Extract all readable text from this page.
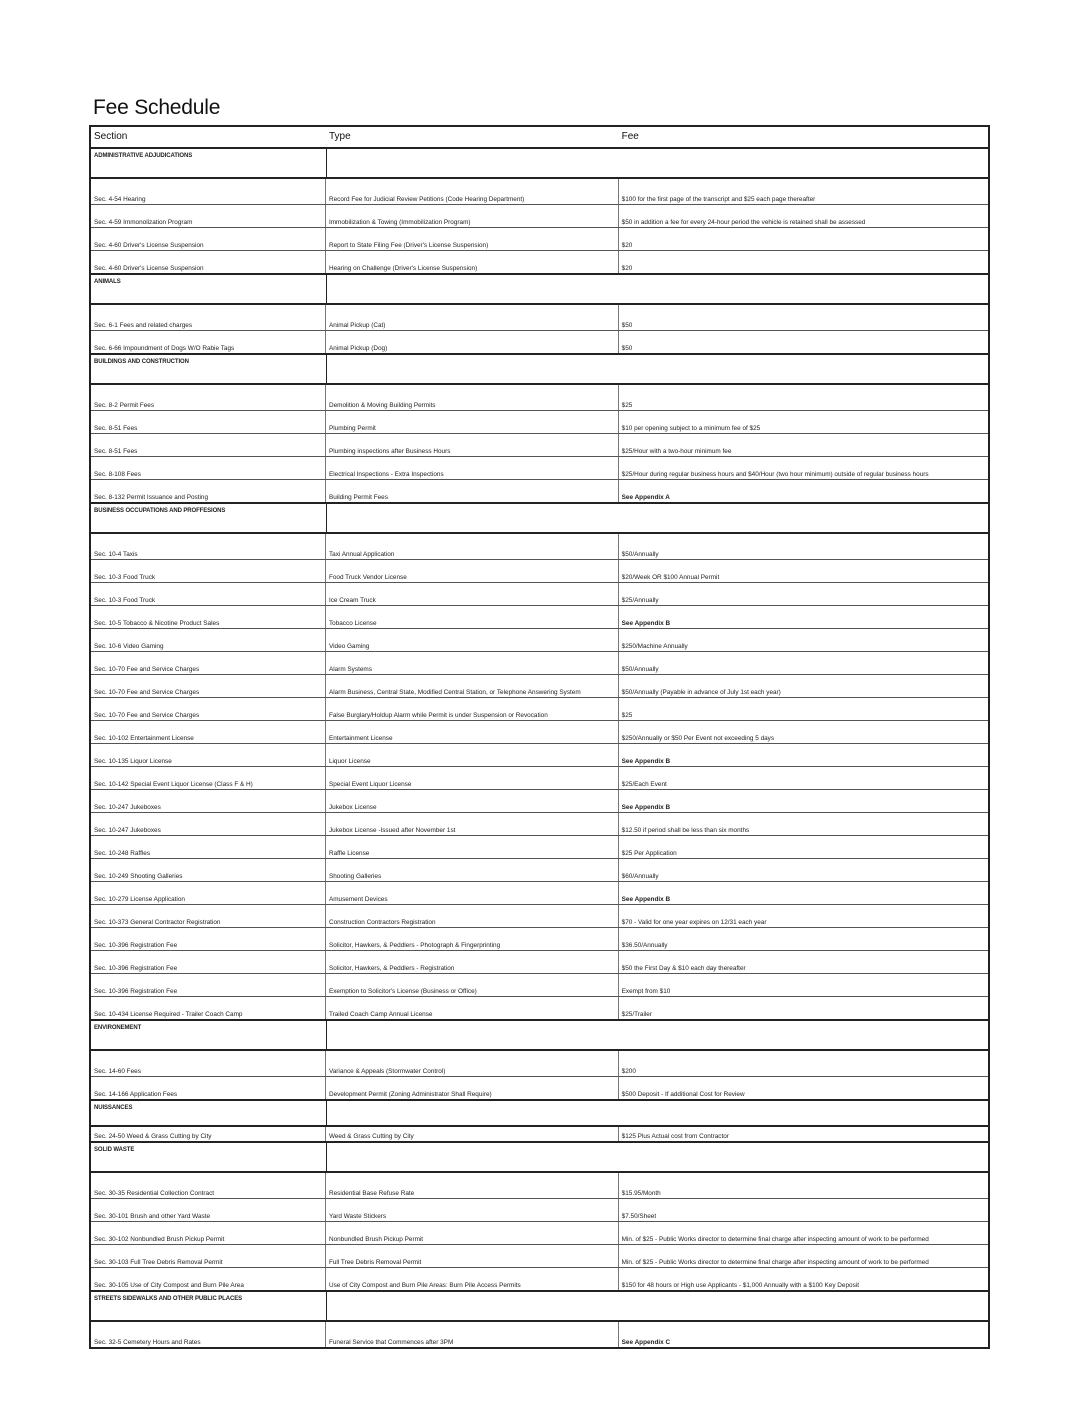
Fee Schedule
Section	Type	Fee
ADMINISTRATIVE ADJUDICATIONS
Sec. 4-54 Hearing	Record Fee for Judicial Review Petitions (Code Hearing Department)	$100 for the first page of the transcript and $25 each page thereafter
Sec. 4-59 Immonolization Program	Immobilization & Towing (Immobilization Program)	$50 in addition a fee for every 24-hour period the vehicle is retained shall be assessed
Sec. 4-60 Driver's License Suspension	Report to State Filing Fee (Driver's License Suspension)	$20
Sec. 4-60 Driver's License Suspension	Hearing on Challenge (Driver's License Suspension)	$20
ANIMALS
Sec. 6-1 Fees and related charges	Animal Pickup (Cat)	$50
Sec. 6-66 Impoundment of Dogs W/O Rabie Tags	Animal Pickup (Dog)	$50
BUILDINGS AND CONSTRUCTION
Sec. 8-2 Permit Fees	Demolition & Moving Building Permits	$25
Sec. 8-51 Fees	Plumbing Permit	$10 per opening subject to a minimum fee of $25
Sec. 8-51 Fees	Plumbing inspections after Business Hours	$25/Hour with a two-hour minimum fee
Sec. 8-108 Fees	Electrical Inspections - Extra Inspections	$25/Hour during regular business hours and $40/Hour (two hour minimum) outside of regular business hours
Sec. 8-132 Permit Issuance and Posting	Building Permit Fees	See Appendix A
BUSINESS OCCUPATIONS AND PROFFESIONS
Sec. 10-4 Taxis	Taxi Annual Application	$50/Annually
Sec. 10-3 Food Truck	Food Truck Vendor License	$20/Week OR $100 Annual Permit
Sec. 10-3 Food Truck	Ice Cream Truck	$25/Annually
Sec. 10-5 Tobacco & Nicotine Product Sales	Tobacco License	See Appendix B
Sec. 10-6 Video Gaming	Video Gaming	$250/Machine Annually
Sec. 10-70 Fee and Service Charges	Alarm Systems	$50/Annually
Sec. 10-70 Fee and Service Charges	Alarm Business, Central State, Modified Central Station, or Telephone Answering System	$50/Annually (Payable in advance of July 1st each year)
Sec. 10-70 Fee and Service Charges	False Burglary/Holdup Alarm while Permit is under Suspension or Revocation	$25
Sec. 10-102 Entertainment License	Entertainment License	$250/Annually or $50 Per Event not exceeding 5 days
Sec. 10-135 Liquor License	Liquor License	See Appendix B
Sec. 10-142 Special Event Liquor License (Class F & H)	Special Event Liquor License	$25/Each Event
Sec. 10-247 Jukeboxes	Jukebox License	See Appendix B
Sec. 10-247 Jukeboxes	Jukebox License -Issued after November 1st	$12.50 if period shall be less than six months
Sec. 10-248 Raffles	Raffle License	$25 Per Application
Sec. 10-249 Shooting Galleries	Shooting Galleries	$60/Annually
Sec. 10-279 License Application	Amusement Devices	See Appendix B
Sec. 10-373 General Contractor Registration	Construction Contractors Registration	$70 - Valid for one year expires on 12/31 each year
Sec. 10-396 Registration Fee	Solicitor, Hawkers, & Peddlers - Photograph & Fingerprinting	$36.50/Annually
Sec. 10-396 Registration Fee	Solicitor, Hawkers, & Peddlers - Registration	$50 the First Day & $10 each day thereafter
Sec. 10-396 Registration Fee	Exemption to Solicitor's License (Business or Office)	Exempt from $10
Sec. 10-434 License Required - Trailer Coach Camp	Trailed Coach Camp Annual License	$25/Trailer
ENVIRONEMENT
Sec. 14-60 Fees	Variance & Appeals (Stormwater Control)	$200
Sec. 14-166 Application Fees	Development Permit (Zoning Administrator Shall Require)	$500 Deposit - If additional Cost for Review
NUISSANCES
Sec. 24-50 Weed & Grass Cutting by City	Weed & Grass Cutting by City	$125 Plus Actual cost from Contractor
SOLID WASTE
Sec. 30-35 Residential Collection Contract	Residential Base Refuse Rate	$15.95/Month
Sec. 30-101 Brush and other Yard Waste	Yard Waste Stickers	$7.50/Sheet
Sec. 30-102 Nonbundled Brush Pickup Permit	Nonbundled Brush Pickup Permit	Min. of $25 - Public Works director to determine final charge after inspecting amount of work to be performed
Sec. 30-103 Full Tree Debris Removal Permit	Full Tree Debris Removal Permit	Min. of $25 - Public Works director to determine final charge after inspecting amount of work to be performed
Sec. 30-105 Use of City Compost and Burn Pile Area	Use of City Compost and Burn Pile Areas: Burn Pile Access Permits	$150 for 48 hours or High use Applicants - $1,000 Annually with a $100 Key Deposit
STREETS SIDEWALKS AND OTHER PUBLIC PLACES
Sec. 32-5 Cemetery Hours and Rates	Funeral Service that Commences after 3PM	See Appendix C
